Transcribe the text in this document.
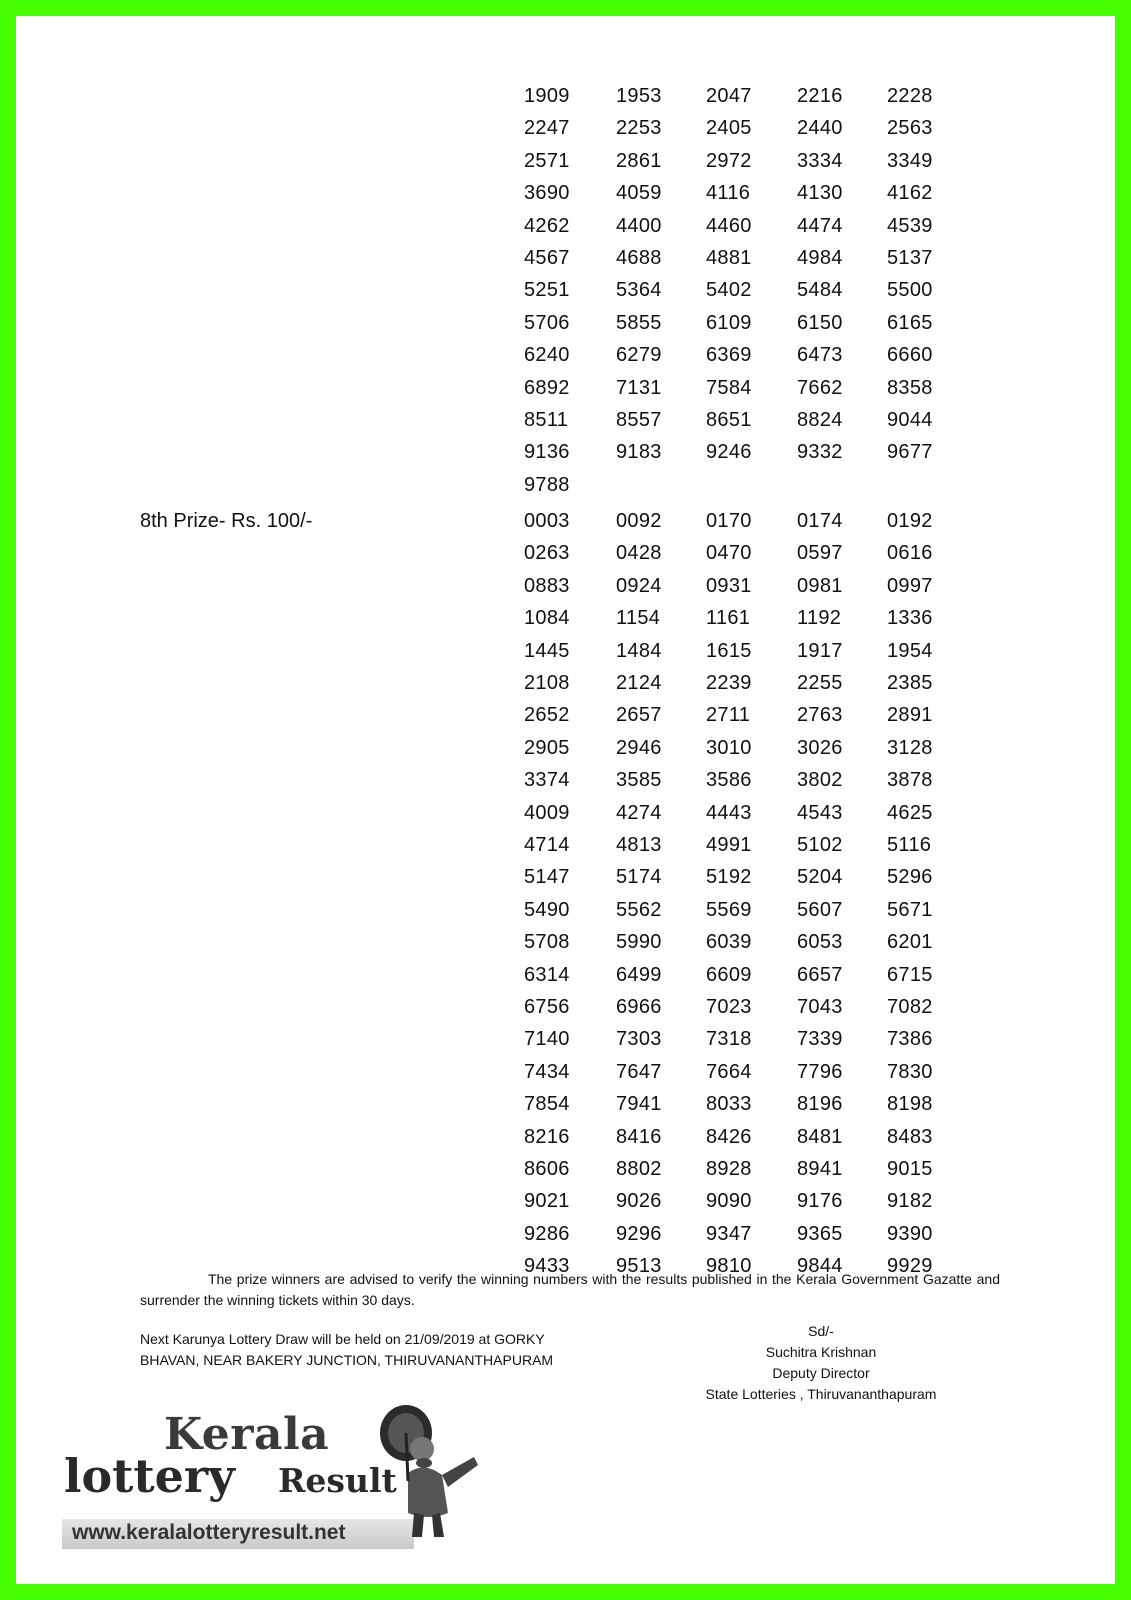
1909 1953 2047 2216 2228
2247 2253 2405 2440 2563
2571 2861 2972 3334 3349
3690 4059 4116 4130 4162
4262 4400 4460 4474 4539
4567 4688 4881 4984 5137
5251 5364 5402 5484 5500
5706 5855 6109 6150 6165
6240 6279 6369 6473 6660
6892 7131 7584 7662 8358
8511 8557 8651 8824 9044
9136 9183 9246 9332 9677
9788
8th Prize- Rs. 100/-	0003 0092 0170 0174 0192
0263 0428 0470 0597 0616
0883 0924 0931 0981 0997
1084 1154 1161 1192 1336
1445 1484 1615 1917 1954
2108 2124 2239 2255 2385
2652 2657 2711 2763 2891
2905 2946 3010 3026 3128
3374 3585 3586 3802 3878
4009 4274 4443 4543 4625
4714 4813 4991 5102 5116
5147 5174 5192 5204 5296
5490 5562 5569 5607 5671
5708 5990 6039 6053 6201
6314 6499 6609 6657 6715
6756 6966 7023 7043 7082
7140 7303 7318 7339 7386
7434 7647 7664 7796 7830
7854 7941 8033 8196 8198
8216 8416 8426 8481 8483
8606 8802 8928 8941 9015
9021 9026 9090 9176 9182
9286 9296 9347 9365 9390
9433 9513 9810 9844 9929
The prize winners are advised to verify the winning numbers with the results published in the Kerala Government Gazatte and surrender the winning tickets within 30 days.
Next Karunya Lottery Draw will be held on 21/09/2019 at GORKY
BHAVAN, NEAR BAKERY JUNCTION, THIRUVANANTHAPURAM
Sd/-
Suchitra Krishnan
Deputy Director
State Lotteries , Thiruvananthapuram
Kerala
lottery Result
www.keralalotteryresult.net
